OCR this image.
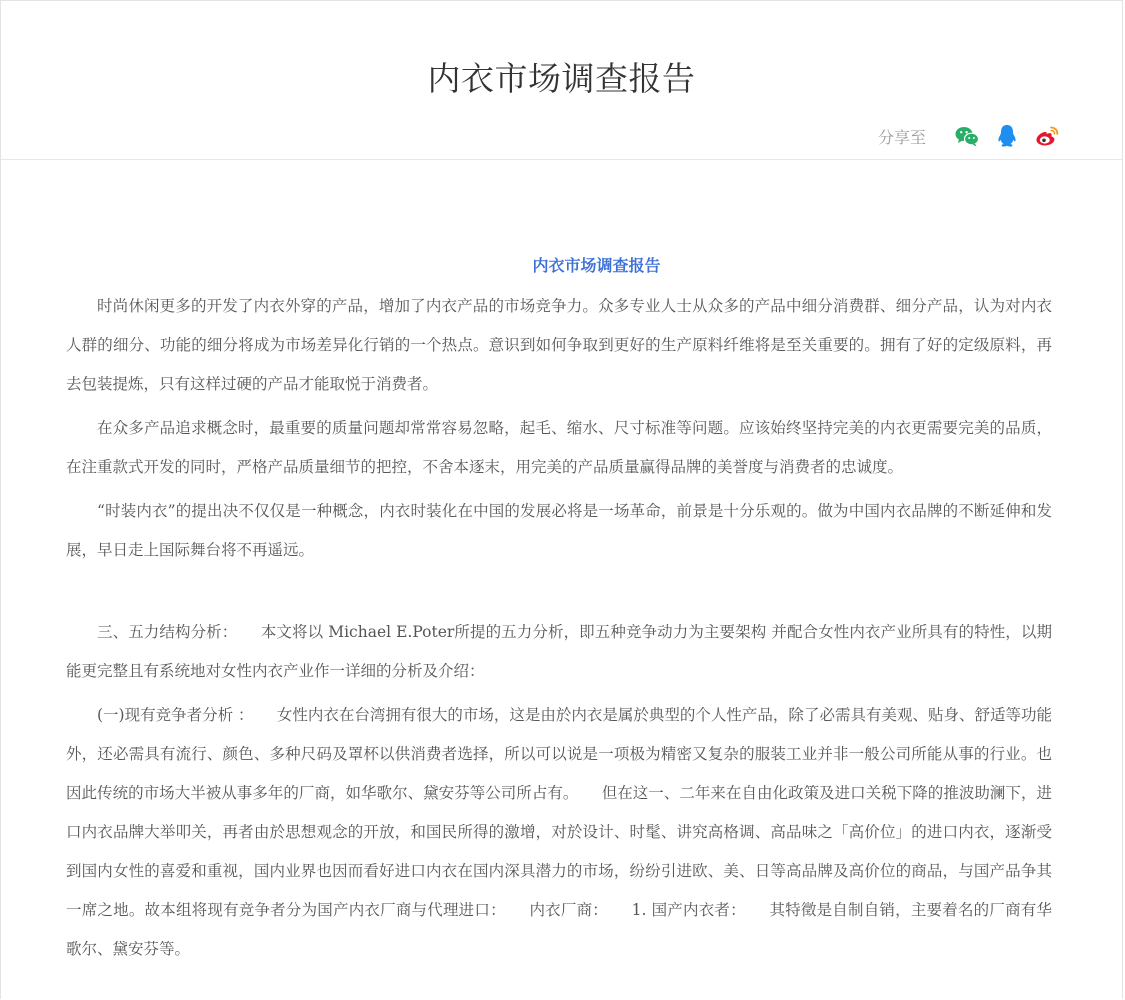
内衣市场调查报告
分享至
内衣市场调查报告

时尚休闲更多的开发了内衣外穿的产品，增加了内衣产品的市场竞争力。众多专业人士从众多的产品中细分消费群、细分产品，认为对内衣人群的细分、功能的细分将成为市场差异化行销的一个热点。意识到如何争取到更好的生产原料纤维将是至关重要的。拥有了好的定级原料，再去包装提炼，只有这样过硬的产品才能取悦于消费者。

在众多产品追求概念时，最重要的质量问题却常常容易忽略，起毛、缩水、尺寸标准等问题。应该始终坚持完美的内衣更需要完美的品质，在注重款式开发的同时，严格产品质量细节的把控，不舍本逐末，用完美的产品质量赢得品牌的美誉度与消费者的忠诚度。

“时装内衣”的提出决不仅仅是一种概念，内衣时装化在中国的发展必将是一场革命，前景是十分乐观的。做为中国内衣品牌的不断延伸和发展，早日走上国际舞台将不再遥远。

三、五力结构分析：　　本文将以 Michael E.Poter所提的五力分析，即五种竞争动力为主要架构 并配合女性内衣产业所具有的特性，以期能更完整且有系统地对女性内衣产业作一详细的分析及介绍：

(一)现有竞争者分析 ：　　女性内衣在台湾拥有很大的市场，这是由於内衣是属於典型的个人性产品，除了必需具有美观、贴身、舒适等功能外，还必需具有流行、颜色、多种尺码及罩杯以供消费者选择，所以可以说是一项极为精密又复杂的服装工业并非一般公司所能从事的行业。也因此传统的市场大半被从事多年的厂商，如华歌尔、黛安芬等公司所占有。　　但在这一、二年来在自由化政策及进口关税下降的推波助澜下，进口内衣品牌大举叩关，再者由於思想观念的开放，和国民所得的激增，对於设计、时髦、讲究高格调、高品味之「高价位」的进口内衣，逐渐受到国内女性的喜爱和重视，国内业界也因而看好进口内衣在国内深具潜力的市场，纷纷引进欧、美、日等高品牌及高价位的商品，与国产品争其一席之地。故本组将现有竞争者分为国产内衣厂商与代理进口：　　内衣厂商：　　1. 国产内衣者：　　其特徵是自制自销，主要着名的厂商有华歌尔、黛安芬等。
